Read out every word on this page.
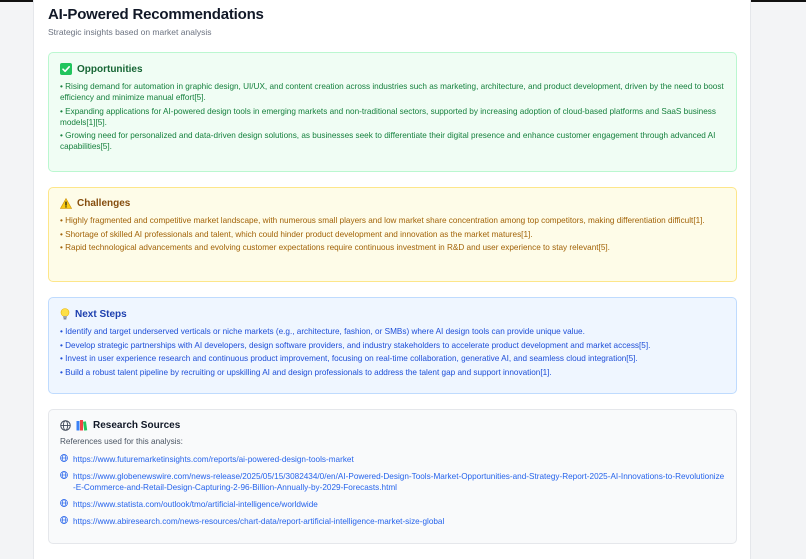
AI-Powered Recommendations
Strategic insights based on market analysis
Opportunities
• Rising demand for automation in graphic design, UI/UX, and content creation across industries such as marketing, architecture, and product development, driven by the need to boost efficiency and minimize manual effort[5].
• Expanding applications for AI-powered design tools in emerging markets and non-traditional sectors, supported by increasing adoption of cloud-based platforms and SaaS business models[1][5].
• Growing need for personalized and data-driven design solutions, as businesses seek to differentiate their digital presence and enhance customer engagement through advanced AI capabilities[5].
Challenges
• Highly fragmented and competitive market landscape, with numerous small players and low market share concentration among top competitors, making differentiation difficult[1].
• Shortage of skilled AI professionals and talent, which could hinder product development and innovation as the market matures[1].
• Rapid technological advancements and evolving customer expectations require continuous investment in R&D and user experience to stay relevant[5].
Next Steps
• Identify and target underserved verticals or niche markets (e.g., architecture, fashion, or SMBs) where AI design tools can provide unique value.
• Develop strategic partnerships with AI developers, design software providers, and industry stakeholders to accelerate product development and market access[5].
• Invest in user experience research and continuous product improvement, focusing on real-time collaboration, generative AI, and seamless cloud integration[5].
• Build a robust talent pipeline by recruiting or upskilling AI and design professionals to address the talent gap and support innovation[1].
Research Sources

References used for this analysis:

https://www.futuremarketinsights.com/reports/ai-powered-design-tools-market
https://www.globenewswire.com/news-release/2025/05/15/3082434/0/en/AI-Powered-Design-Tools-Market-Opportunities-and-Strategy-Report-2025-AI-Innovations-to-Revolutionize-E-Commerce-and-Retail-Design-Capturing-2-96-Billion-Annually-by-2029-Forecasts.html
https://www.statista.com/outlook/tmo/artificial-intelligence/worldwide
https://www.abiresearch.com/news-resources/chart-data/report-artificial-intelligence-market-size-global
